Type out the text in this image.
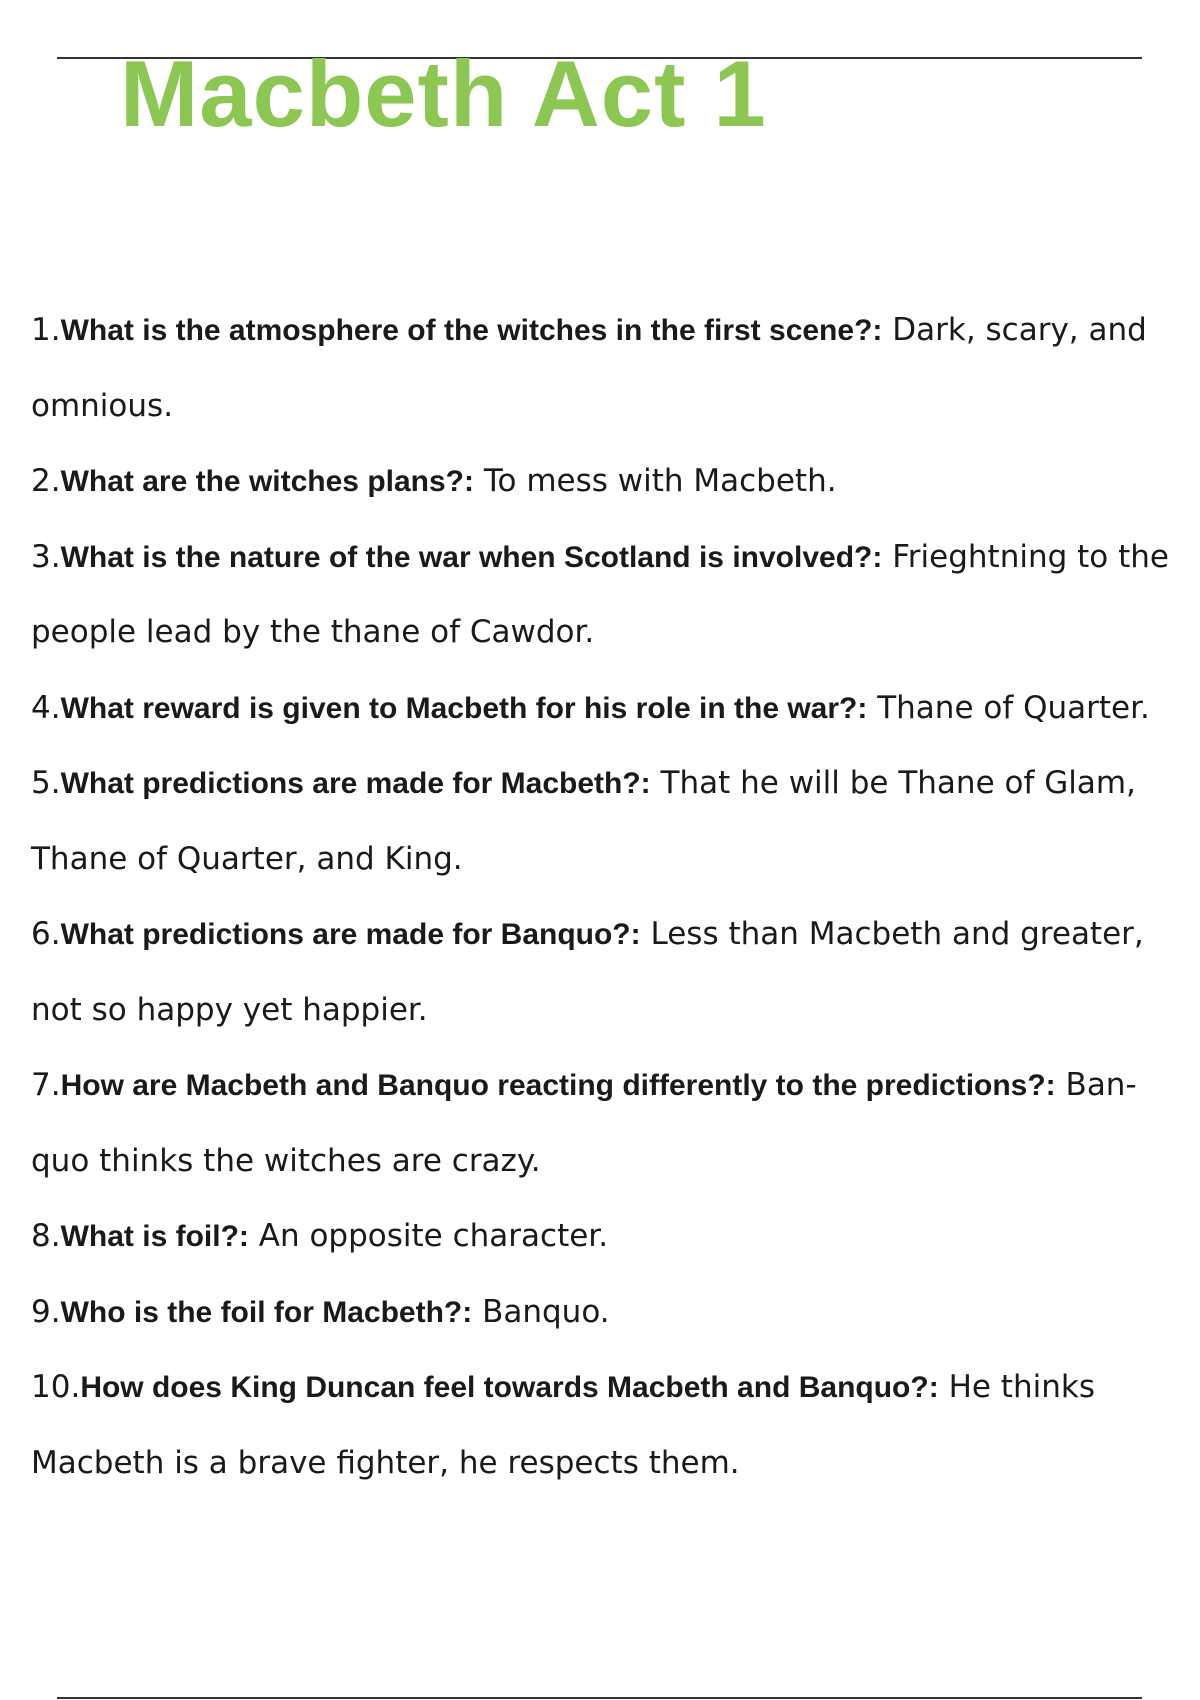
Macbeth Act 1
1.What is the atmosphere of the witches in the first scene?: Dark, scary, and omnious.
2.What are the witches plans?: To mess with Macbeth.
3.What is the nature of the war when Scotland is involved?: Frieghtning to the people lead by the thane of Cawdor.
4.What reward is given to Macbeth for his role in the war?: Thane of Quarter.
5.What predictions are made for Macbeth?: That he will be Thane of Glam, Thane of Quarter, and King.
6.What predictions are made for Banquo?: Less than Macbeth and greater, not so happy yet happier.
7.How are Macbeth and Banquo reacting differently to the predictions?: Ban- quo thinks the witches are crazy.
8.What is foil?: An opposite character.
9.Who is the foil for Macbeth?: Banquo.
10.How does King Duncan feel towards Macbeth and Banquo?: He thinks Macbeth is a brave fighter, he respects them.
